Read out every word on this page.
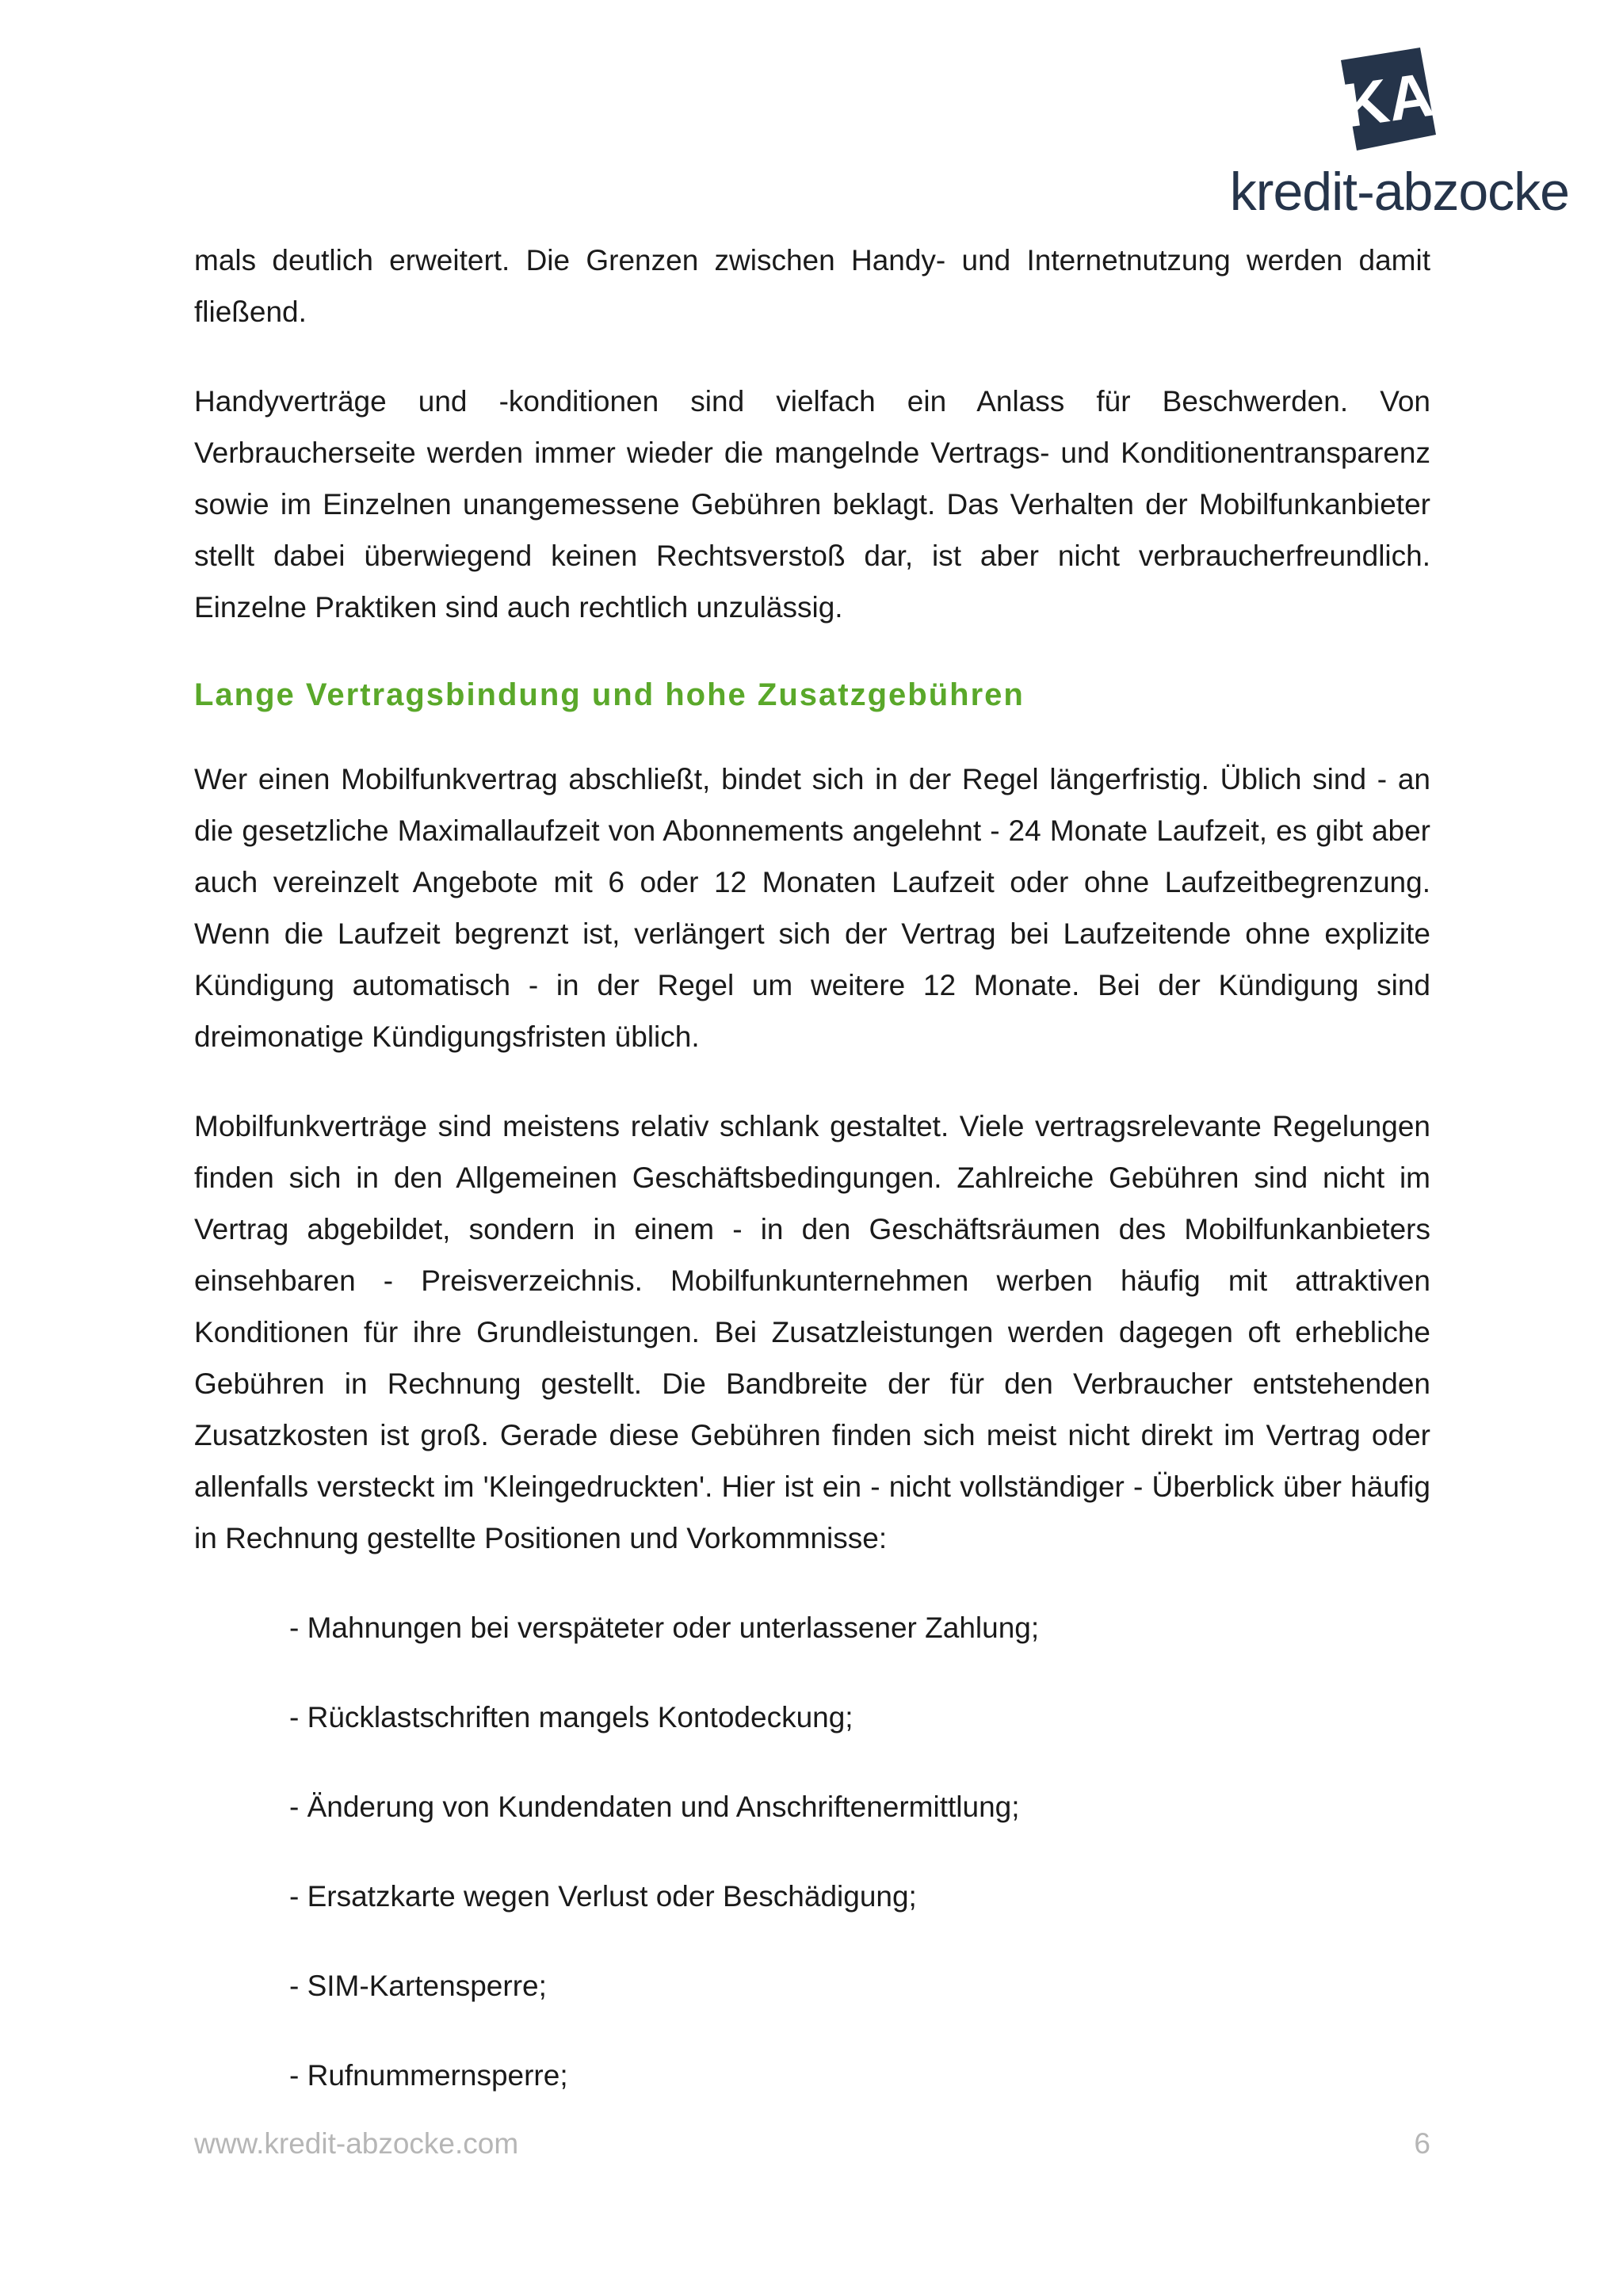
KA
kredit-abzocke

mals deutlich erweitert. Die Grenzen zwischen Handy- und Internetnutzung werden damit fließend.

Handyverträge und -konditionen sind vielfach ein Anlass für Beschwerden. Von Verbraucherseite werden immer wieder die mangelnde Vertrags- und Konditionentransparenz sowie im Einzelnen unangemessene Gebühren beklagt. Das Verhalten der Mobilfunkanbieter stellt dabei überwiegend keinen Rechtsverstoß dar, ist aber nicht verbraucherfreundlich. Einzelne Praktiken sind auch rechtlich unzulässig.

Lange Vertragsbindung und hohe Zusatzgebühren

Wer einen Mobilfunkvertrag abschließt, bindet sich in der Regel längerfristig. Üblich sind - an die gesetzliche Maximallaufzeit von Abonnements angelehnt - 24 Monate Laufzeit, es gibt aber auch vereinzelt Angebote mit 6 oder 12 Monaten Laufzeit oder ohne Laufzeitbegrenzung. Wenn die Laufzeit begrenzt ist, verlängert sich der Vertrag bei Laufzeitende ohne explizite Kündigung automatisch - in der Regel um weitere 12 Monate. Bei der Kündigung sind dreimonatige Kündigungsfristen üblich.

Mobilfunkverträge sind meistens relativ schlank gestaltet. Viele vertragsrelevante Regelungen finden sich in den Allgemeinen Geschäftsbedingungen. Zahlreiche Gebühren sind nicht im Vertrag abgebildet, sondern in einem - in den Geschäftsräumen des Mobilfunkanbieters einsehbaren - Preisverzeichnis. Mobilfunkunternehmen werben häufig mit attraktiven Konditionen für ihre Grundleistungen. Bei Zusatzleistungen werden dagegen oft erhebliche Gebühren in Rechnung gestellt. Die Bandbreite der für den Verbraucher entstehenden Zusatzkosten ist groß. Gerade diese Gebühren finden sich meist nicht direkt im Vertrag oder allenfalls versteckt im 'Kleingedruckten'. Hier ist ein - nicht vollständiger - Überblick über häufig in Rechnung gestellte Positionen und Vorkommnisse:

- Mahnungen bei verspäteter oder unterlassener Zahlung;
- Rücklastschriften mangels Kontodeckung;
- Änderung von Kundendaten und Anschriftenermittlung;
- Ersatzkarte wegen Verlust oder Beschädigung;
- SIM-Kartensperre;
- Rufnummernsperre;
www.kredit-abzocke.com	6
